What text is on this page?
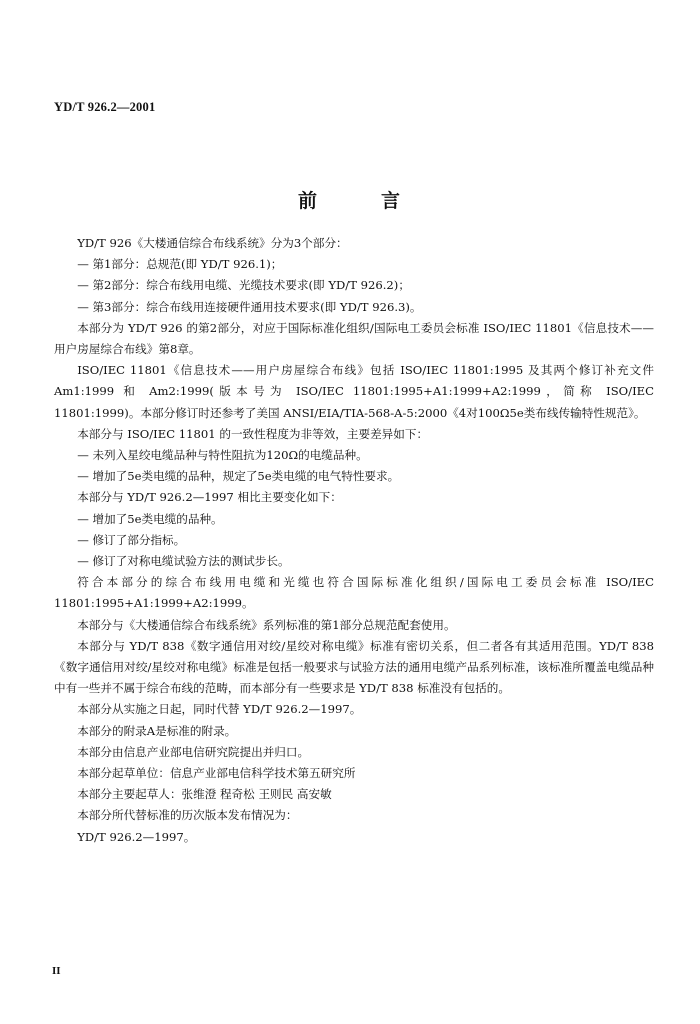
YD/T 926.2—2001
前	言

YD/T 926《大楼通信综合布线系统》分为3个部分：

— 第1部分：总规范(即 YD/T 926.1)；

— 第2部分：综合布线用电缆、光缆技术要求(即 YD/T 926.2)；

— 第3部分：综合布线用连接硬件通用技术要求(即 YD/T 926.3)。

本部分为 YD/T 926 的第2部分，对应于国际标准化组织/国际电工委员会标准 ISO/IEC 11801《信息技术——用户房屋综合布线》第8章。

ISO/IEC 11801《信息技术——用户房屋综合布线》包括 ISO/IEC 11801:1995 及其两个修订补充文件 Am1:1999 和 Am2:1999(版本号为 ISO/IEC 11801:1995+A1:1999+A2:1999，简称 ISO/IEC 11801:1999)。本部分修订时还参考了美国 ANSI/EIA/TIA-568-A-5:2000《4对100Ω5e类布线传输特性规范》。

本部分与 ISO/IEC 11801 的一致性程度为非等效，主要差异如下：

— 未列入星绞电缆品种与特性阻抗为120Ω的电缆品种。

— 增加了5e类电缆的品种，规定了5e类电缆的电气特性要求。

本部分与 YD/T 926.2—1997 相比主要变化如下：

— 增加了5e类电缆的品种。

— 修订了部分指标。

— 修订了对称电缆试验方法的测试步长。

符合本部分的综合布线用电缆和光缆也符合国际标准化组织/国际电工委员会标准 ISO/IEC 11801:1995+A1:1999+A2:1999。

本部分与《大楼通信综合布线系统》系列标准的第1部分总规范配套使用。

本部分与 YD/T 838《数字通信用对绞/星绞对称电缆》标准有密切关系，但二者各有其适用范围。YD/T 838《数字通信用对绞/星绞对称电缆》标准是包括一般要求与试验方法的通用电缆产品系列标准，该标准所覆盖电缆品种中有一些并不属于综合布线的范畴，而本部分有一些要求是 YD/T 838 标准没有包括的。

本部分从实施之日起，同时代替 YD/T 926.2—1997。

本部分的附录A是标准的附录。

本部分由信息产业部电信研究院提出并归口。

本部分起草单位：信息产业部电信科学技术第五研究所

本部分主要起草人：张维澄 程奇松 王则民 高安敏

本部分所代替标准的历次版本发布情况为：

YD/T 926.2—1997。

II
